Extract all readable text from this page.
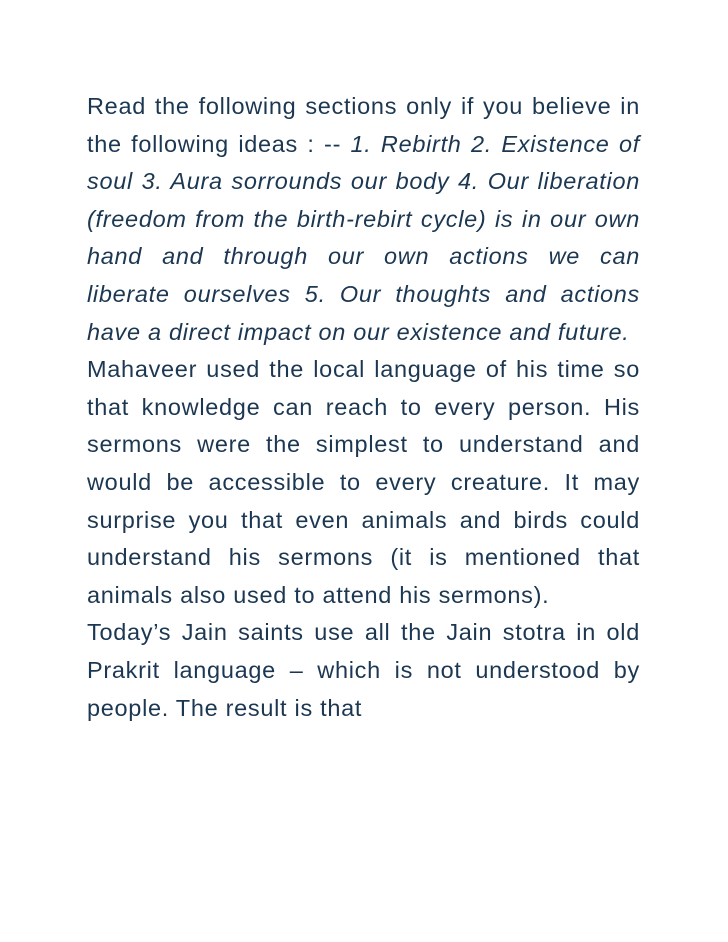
Read the following sections only if you believe in the following ideas : -- 1. Rebirth 2. Existence of soul 3. Aura sorrounds our body 4. Our liberation (freedom from the birth-rebirt cycle) is in our own hand and through our own actions we can liberate ourselves 5. Our thoughts and actions have a direct impact on our existence and future.

Mahaveer used the local language of his time so that knowledge can reach to every person. His sermons were the simplest to understand and would be accessible to every creature. It may surprise you that even animals and birds could understand his sermons (it is mentioned that animals also used to attend his sermons).

Today’s Jain saints use all the Jain stotra in old Prakrit language – which is not understood by people. The result is that
